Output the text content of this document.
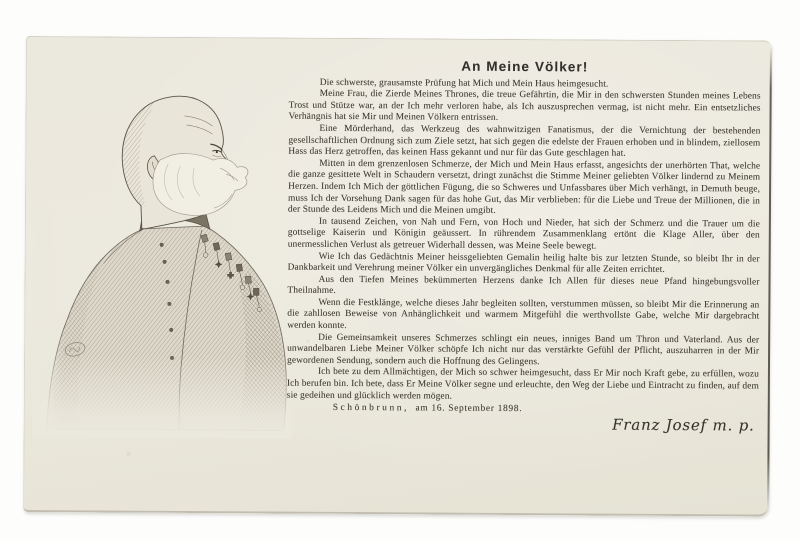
An Meine Völker!

Die schwerste, grausamste Prüfung hat Mich und Mein Haus heimgesucht.

Meine Frau, die Zierde Meines Thrones, die treue Gefährtin, die Mir in den schwersten Stunden meines Lebens Trost und Stütze war, an der Ich mehr verloren habe, als Ich auszusprechen vermag, ist nicht mehr. Ein entsetzliches Verhängnis hat sie Mir und Meinen Völkern entrissen.

Eine Mörderhand, das Werkzeug des wahnwitzigen Fanatismus, der die Vernichtung der bestehenden gesellschaftlichen Ordnung sich zum Ziele setzt, hat sich gegen die edelste der Frauen erhoben und in blindem, ziellosem Hass das Herz getroffen, das keinen Hass gekannt und nur für das Gute geschlagen hat.

Mitten in dem grenzenlosen Schmerze, der Mich und Mein Haus erfasst, angesichts der unerhörten That, welche die ganze gesittete Welt in Schaudern versetzt, dringt zunächst die Stimme Meiner geliebten Völker lindernd zu Meinem Herzen. Indem Ich Mich der göttlichen Fügung, die so Schweres und Unfassbares über Mich verhängt, in Demuth beuge, muss Ich der Vorsehung Dank sagen für das hohe Gut, das Mir verblieben: für die Liebe und Treue der Millionen, die in der Stunde des Leidens Mich und die Meinen umgibt.

In tausend Zeichen, von Nah und Fern, von Hoch und Nieder, hat sich der Schmerz und die Trauer um die gottselige Kaiserin und Königin geäussert. In rührendem Zusammenklang ertönt die Klage Aller, über den unermesslichen Verlust als getreuer Widerhall dessen, was Meine Seele bewegt.

Wie Ich das Gedächtnis Meiner heissgeliebten Gemalin heilig halte bis zur letzten Stunde, so bleibt Ihr in der Dankbarkeit und Verehrung meiner Völker ein unvergängliches Denkmal für alle Zeiten errichtet.

Aus den Tiefen Meines bekümmerten Herzens danke Ich Allen für dieses neue Pfand hingebungsvoller Theilnahme.

Wenn die Festklänge, welche dieses Jahr begleiten sollten, verstummen müssen, so bleibt Mir die Erinnerung an die zahllosen Beweise von Anhänglichkeit und warmem Mitgefühl die werthvollste Gabe, welche Mir dargebracht werden konnte.

Die Gemeinsamkeit unseres Schmerzes schlingt ein neues, inniges Band um Thron und Vaterland. Aus der unwandelbaren Liebe Meiner Völker schöpfe Ich nicht nur das verstärkte Gefühl der Pflicht, auszuharren in der Mir gewordenen Sendung, sondern auch die Hoffnung des Gelingens.

Ich bete zu dem Allmächtigen, der Mich so schwer heimgesucht, dass Er Mir noch Kraft gebe, zu erfüllen, wozu Ich berufen bin. Ich bete, dass Er Meine Völker segne und erleuchte, den Weg der Liebe und Eintracht zu finden, auf dem sie gedeihen und glücklich werden mögen.

Schönbrunn, am 16. September 1898.
Franz Josef m. p.
